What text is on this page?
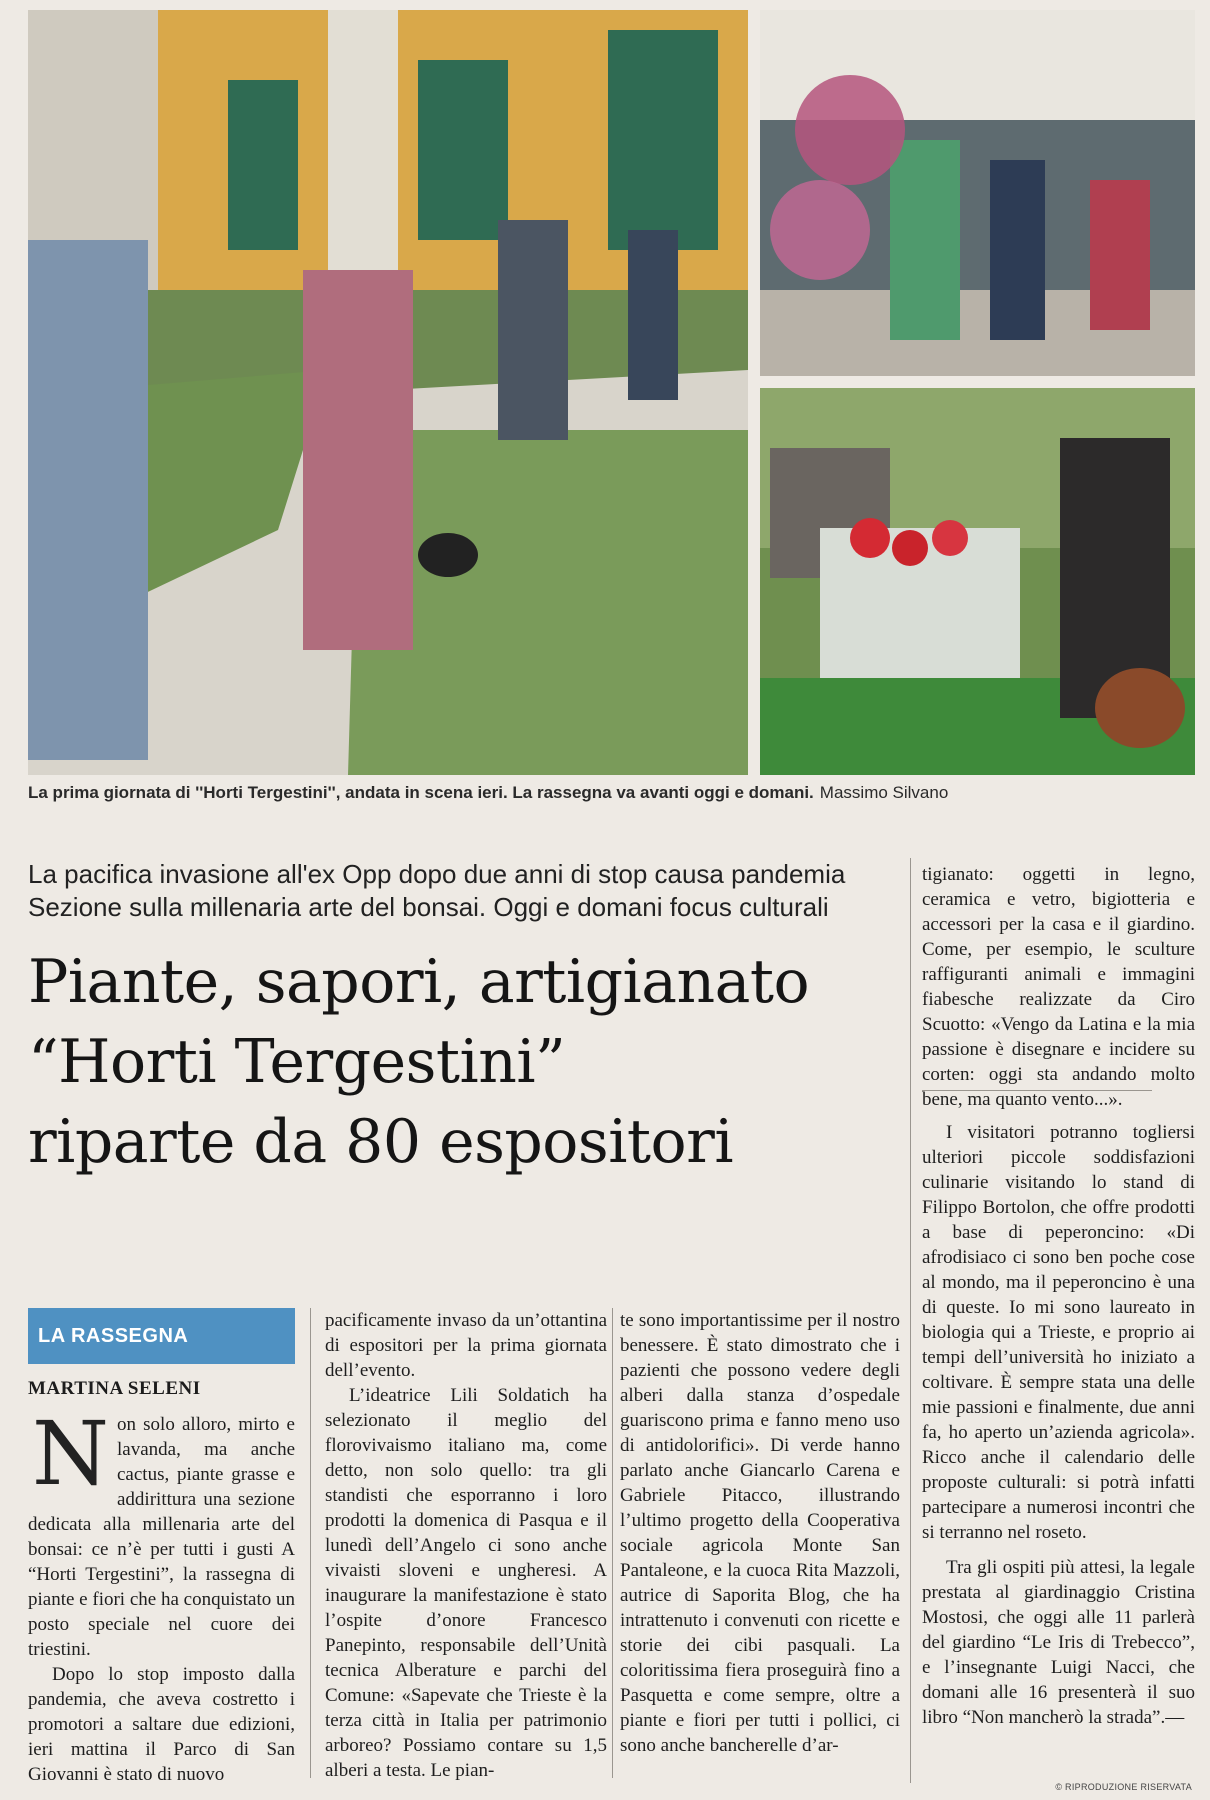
La prima giornata di ''Horti Tergestini'', andata in scena ieri. La rassegna va avanti oggi e domani. Massimo Silvano
La pacifica invasione all'ex Opp dopo due anni di stop causa pandemia
Sezione sulla millenaria arte del bonsai. Oggi e domani focus culturali
Piante, sapori, artigianato
“Horti Tergestini”
riparte da 80 espositori
LA RASSEGNA
MARTINA SELENI

Non solo alloro, mirto e lavanda, ma anche cactus, piante grasse e addirittura una sezione dedicata alla millenaria arte del bonsai: ce n’è per tutti i gusti A “Horti Tergestini”, la rassegna di piante e fiori che ha conquistato un posto speciale nel cuore dei triestini.

Dopo lo stop imposto dalla pandemia, che aveva costretto i promotori a saltare due edizioni, ieri mattina il Parco di San Giovanni è stato di nuovo

pacificamente invaso da un’ottantina di espositori per la prima giornata dell’evento.

L’ideatrice Lili Soldatich ha selezionato il meglio del florovivaismo italiano ma, come detto, non solo quello: tra gli standisti che esporranno i loro prodotti la domenica di Pasqua e il lunedì dell’Angelo ci sono anche vivaisti sloveni e ungheresi. A inaugurare la manifestazione è stato l’ospite d’onore Francesco Panepinto, responsabile dell’Unità tecnica Alberature e parchi del Comune: «Sapevate che Trieste è la terza città in Italia per patrimonio arboreo? Possiamo contare su 1,5 alberi a testa. Le pian-

te sono importantissime per il nostro benessere. È stato dimostrato che i pazienti che possono vedere degli alberi dalla stanza d’ospedale guariscono prima e fanno meno uso di antidolorifici». Di verde hanno parlato anche Giancarlo Carena e Gabriele Pitacco, illustrando l’ultimo progetto della Cooperativa sociale agricola Monte San Pantaleone, e la cuoca Rita Mazzoli, autrice di Saporita Blog, che ha intrattenuto i convenuti con ricette e storie dei cibi pasquali. La coloritissima fiera proseguirà fino a Pasquetta e come sempre, oltre a piante e fiori per tutti i pollici, ci sono anche bancherelle d’ar-

tigianato: oggetti in legno, ceramica e vetro, bigiotteria e accessori per la casa e il giardino. Come, per esempio, le sculture raffiguranti animali e immagini fiabesche realizzate da Ciro Scuotto: «Vengo da Latina e la mia passione è disegnare e incidere su corten: oggi sta andando molto bene, ma quanto vento...».

I visitatori potranno togliersi ulteriori piccole soddisfazioni culinarie visitando lo stand di Filippo Bortolon, che offre prodotti a base di peperoncino: «Di afrodisiaco ci sono ben poche cose al mondo, ma il peperoncino è una di queste. Io mi sono laureato in biologia qui a Trieste, e proprio ai tempi dell’università ho iniziato a coltivare. È sempre stata una delle mie passioni e finalmente, due anni fa, ho aperto un’azienda agricola». Ricco anche il calendario delle proposte culturali: si potrà infatti partecipare a numerosi incontri che si terranno nel roseto.

Tra gli ospiti più attesi, la legale prestata al giardinaggio Cristina Mostosi, che oggi alle 11 parlerà del giardino “Le Iris di Trebecco”, e l’insegnante Luigi Nacci, che domani alle 16 presenterà il suo libro “Non mancherò la strada”.—

© RIPRODUZIONE RISERVATA
